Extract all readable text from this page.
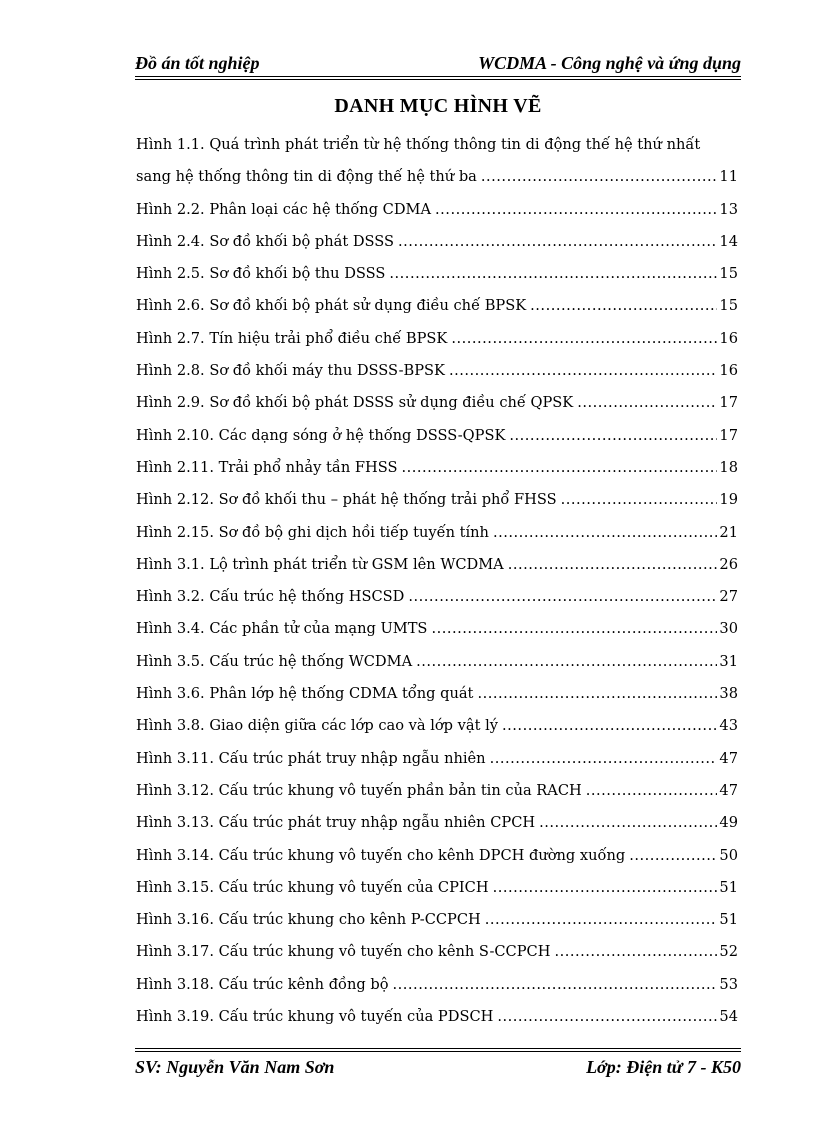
Đồ án tốt nghiệp	WCDMA - Công nghệ và ứng dụng
DANH MỤC HÌNH VẼ
Hình 1.1. Quá trình phát triển từ hệ thống thông tin di động thế hệ thứ nhất
sang hệ thống thông tin di động thế hệ thứ ba .....	11
Hình 2.2. Phân loại các hệ thống CDMA .....	13
Hình 2.4. Sơ đồ khối bộ phát DSSS .....	14
Hình 2.5. Sơ đồ khối bộ thu DSSS .....	15
Hình 2.6. Sơ đồ khối bộ phát sử dụng điều chế BPSK .....	15
Hình 2.7. Tín hiệu trải phổ điều chế BPSK .....	16
Hình 2.8. Sơ đồ khối máy thu DSSS-BPSK .....	16
Hình 2.9. Sơ đồ khối bộ phát DSSS sử dụng điều chế QPSK .....	17
Hình 2.10. Các dạng sóng ở hệ thống DSSS-QPSK .....	17
Hình 2.11. Trải phổ nhảy tần FHSS .....	18
Hình 2.12. Sơ đồ khối thu – phát hệ thống trải phổ FHSS .....	19
Hình 2.15. Sơ đồ bộ ghi dịch hồi tiếp tuyến tính .....	21
Hình 3.1. Lộ trình phát triển từ GSM lên WCDMA .....	26
Hình 3.2. Cấu trúc hệ thống HSCSD .....	27
Hình 3.4. Các phần tử của mạng UMTS .....	30
Hình 3.5. Cấu trúc hệ thống WCDMA .....	31
Hình 3.6. Phân lớp hệ thống CDMA tổng quát .....	38
Hình 3.8. Giao diện giữa các lớp cao và lớp vật lý .....	43
Hình 3.11. Cấu trúc phát truy nhập ngẫu nhiên .....	47
Hình 3.12. Cấu trúc khung vô tuyến phần bản tin của RACH .....	47
Hình 3.13. Cấu trúc phát truy nhập ngẫu nhiên CPCH .....	49
Hình 3.14. Cấu trúc khung vô tuyến cho kênh DPCH đường xuống .....	50
Hình 3.15. Cấu trúc khung vô tuyến của CPICH .....	51
Hình 3.16. Cấu trúc khung cho kênh P-CCPCH .....	51
Hình 3.17. Cấu trúc khung vô tuyến cho kênh S-CCPCH .....	52
Hình 3.18. Cấu trúc kênh đồng bộ .....	53
Hình 3.19. Cấu trúc khung vô tuyến của PDSCH .....	54
SV: Nguyễn Văn Nam Sơn	Lớp: Điện tử 7 - K50
